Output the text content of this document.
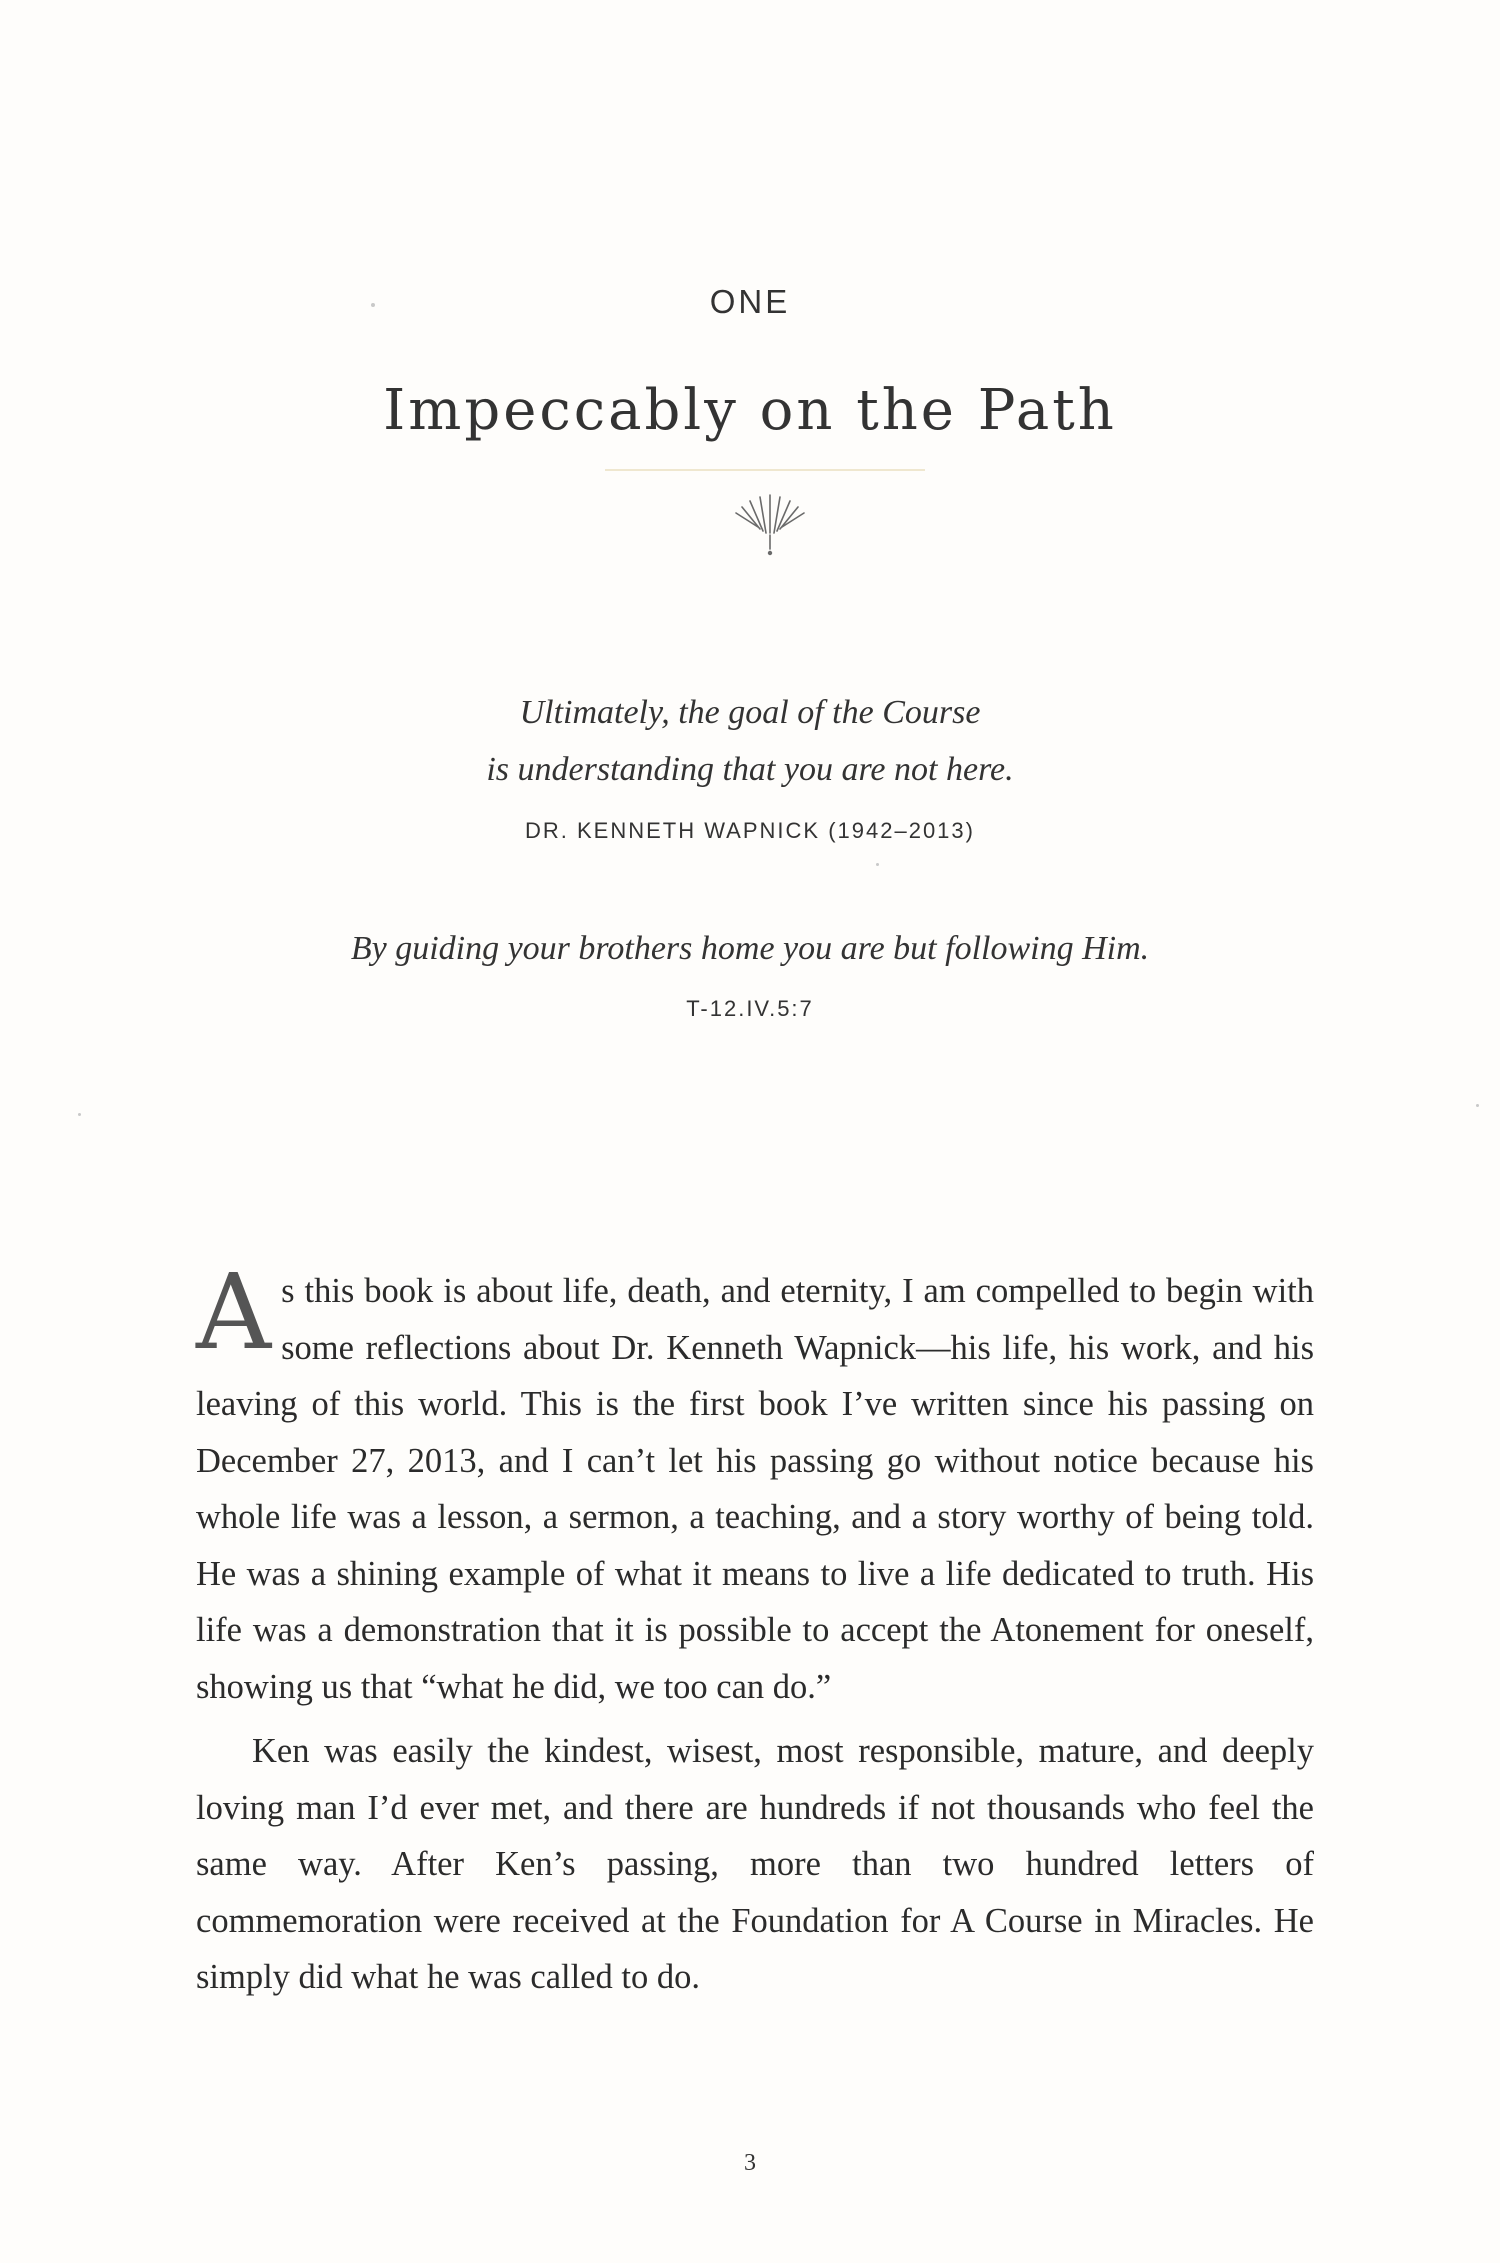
ONE
Impeccably on the Path
Ultimately, the goal of the Course
is understanding that you are not here.
DR. KENNETH WAPNICK (1942–2013)
By guiding your brothers home you are but following Him.
T-12.IV.5:7

As this book is about life, death, and eternity, I am compelled to begin with some reflections about Dr. Kenneth Wapnick—his life, his work, and his leaving of this world. This is the first book I’ve written since his passing on December 27, 2013, and I can’t let his passing go without notice because his whole life was a lesson, a sermon, a teaching, and a story worthy of being told. He was a shining example of what it means to live a life dedicated to truth. His life was a demonstration that it is possible to accept the Atonement for oneself, showing us that “what he did, we too can do.”

Ken was easily the kindest, wisest, most responsible, mature, and deeply loving man I’d ever met, and there are hundreds if not thousands who feel the same way. After Ken’s passing, more than two hundred letters of commemoration were received at the Foundation for A Course in Miracles. He simply did what he was called to do.

3
